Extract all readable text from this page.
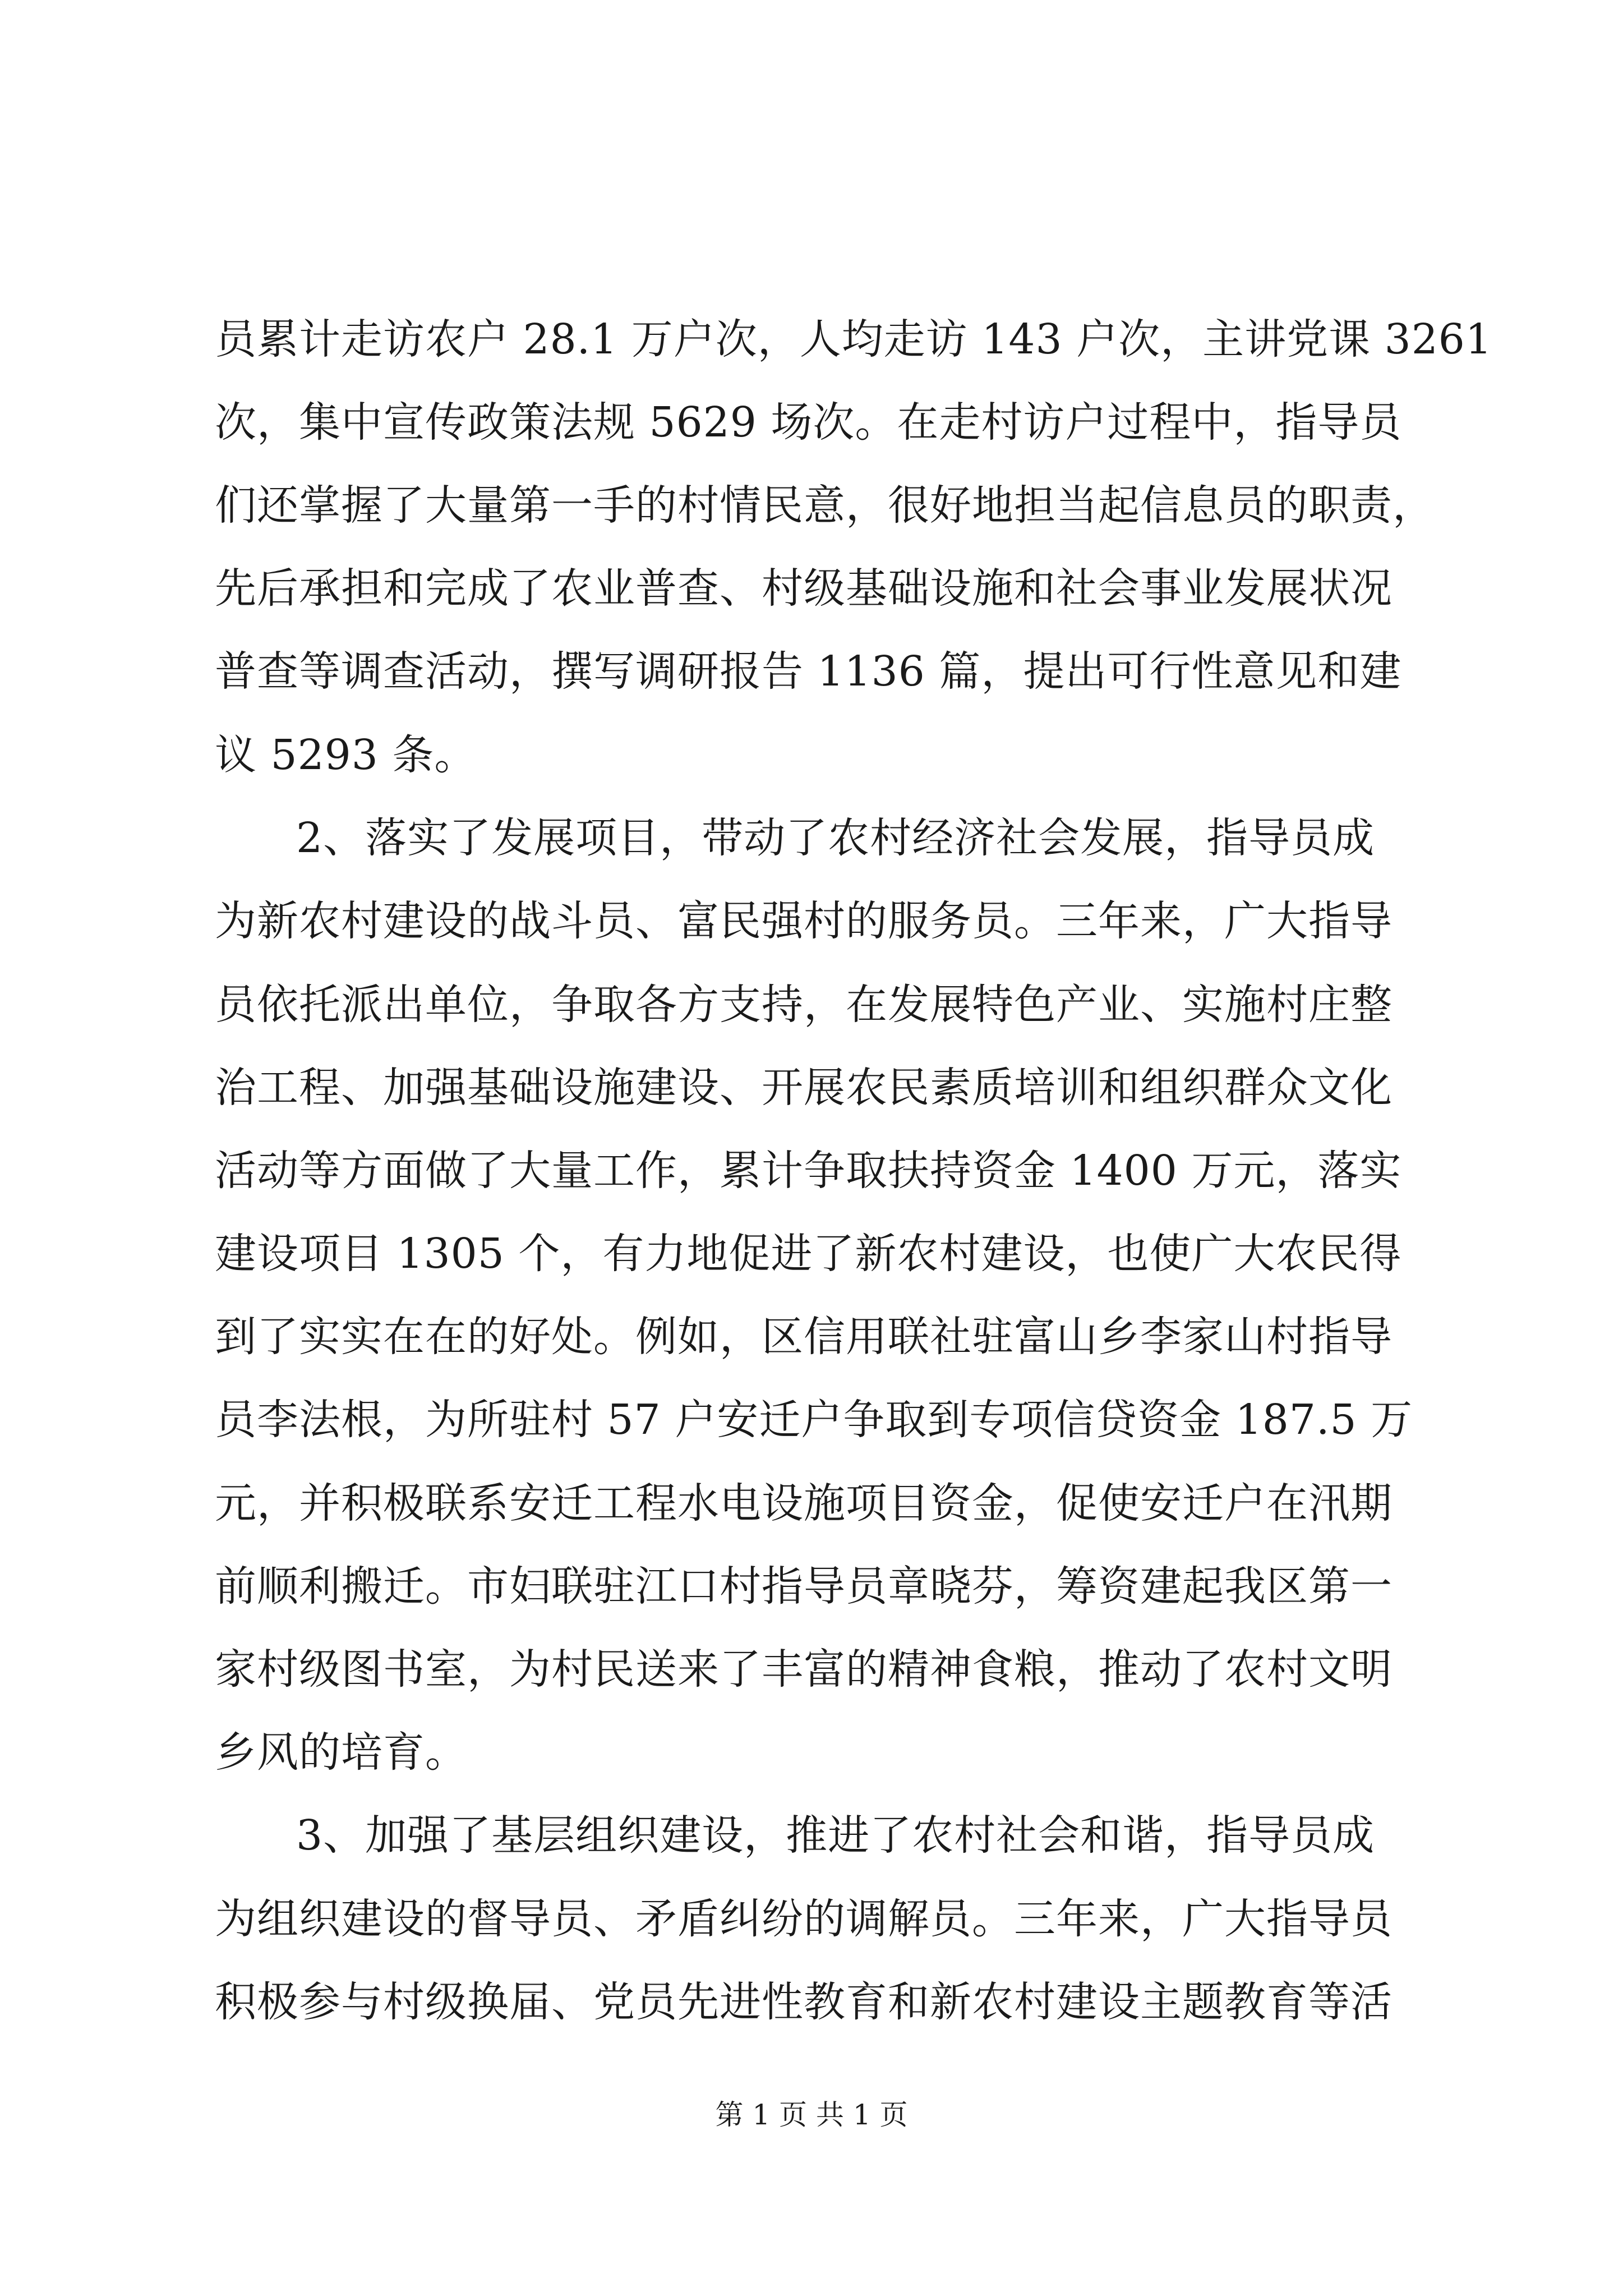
员累计走访农户 28.1 万户次，人均走访 143 户次，主讲党课 3261
次，集中宣传政策法规 5629 场次。在走村访户过程中，指导员
们还掌握了大量第一手的村情民意，很好地担当起信息员的职责，
先后承担和完成了农业普查、村级基础设施和社会事业发展状况
普查等调查活动，撰写调研报告 1136 篇，提出可行性意见和建
议 5293 条。
2、落实了发展项目，带动了农村经济社会发展，指导员成
为新农村建设的战斗员、富民强村的服务员。三年来，广大指导
员依托派出单位，争取各方支持，在发展特色产业、实施村庄整
治工程、加强基础设施建设、开展农民素质培训和组织群众文化
活动等方面做了大量工作，累计争取扶持资金 1400 万元，落实
建设项目 1305 个，有力地促进了新农村建设，也使广大农民得
到了实实在在的好处。例如，区信用联社驻富山乡李家山村指导
员李法根，为所驻村 57 户安迁户争取到专项信贷资金 187.5 万
元，并积极联系安迁工程水电设施项目资金，促使安迁户在汛期
前顺利搬迁。市妇联驻江口村指导员章晓芬，筹资建起我区第一
家村级图书室，为村民送来了丰富的精神食粮，推动了农村文明
乡风的培育。
3、加强了基层组织建设，推进了农村社会和谐，指导员成
为组织建设的督导员、矛盾纠纷的调解员。三年来，广大指导员
积极参与村级换届、党员先进性教育和新农村建设主题教育等活
第 1 页 共 1 页
